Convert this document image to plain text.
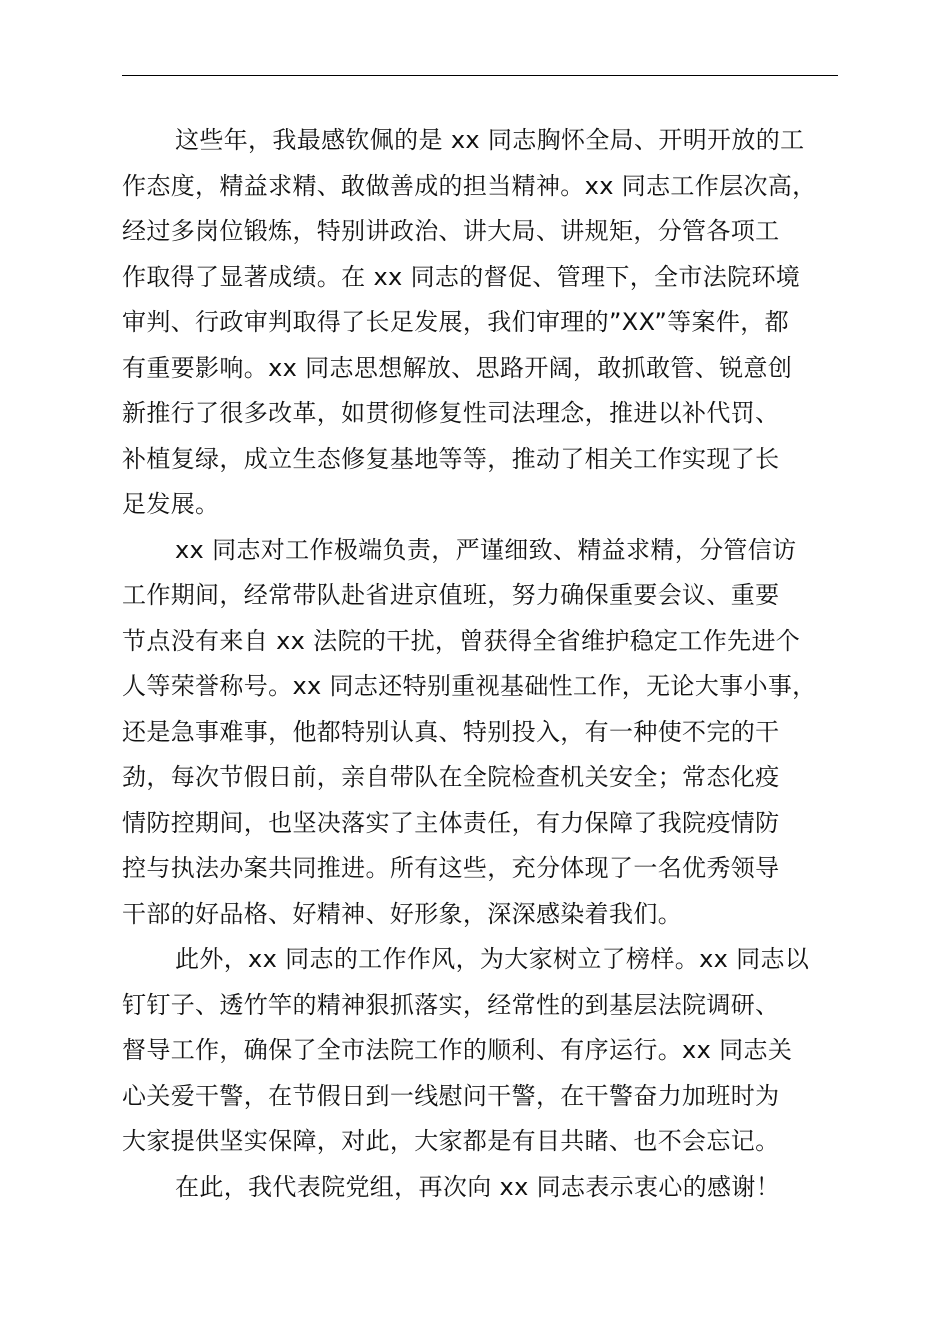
这些年，我最感钦佩的是 xx 同志胸怀全局、开明开放的工
作态度，精益求精、敢做善成的担当精神。xx 同志工作层次高，
经过多岗位锻炼，特别讲政治、讲大局、讲规矩，分管各项工
作取得了显著成绩。在 xx 同志的督促、管理下，全市法院环境
审判、行政审判取得了长足发展，我们审理的”XX”等案件，都
有重要影响。xx 同志思想解放、思路开阔，敢抓敢管、锐意创
新推行了很多改革，如贯彻修复性司法理念，推进以补代罚、
补植复绿，成立生态修复基地等等，推动了相关工作实现了长
足发展。
xx 同志对工作极端负责，严谨细致、精益求精，分管信访
工作期间，经常带队赴省进京值班，努力确保重要会议、重要
节点没有来自 xx 法院的干扰，曾获得全省维护稳定工作先进个
人等荣誉称号。xx 同志还特别重视基础性工作，无论大事小事，
还是急事难事，他都特别认真、特别投入，有一种使不完的干
劲，每次节假日前，亲自带队在全院检查机关安全；常态化疫
情防控期间，也坚决落实了主体责任，有力保障了我院疫情防
控与执法办案共同推进。所有这些，充分体现了一名优秀领导
干部的好品格、好精神、好形象，深深感染着我们。
此外，xx 同志的工作作风，为大家树立了榜样。xx 同志以
钉钉子、透竹竿的精神狠抓落实，经常性的到基层法院调研、
督导工作，确保了全市法院工作的顺利、有序运行。xx 同志关
心关爱干警，在节假日到一线慰问干警，在干警奋力加班时为
大家提供坚实保障，对此，大家都是有目共睹、也不会忘记。
在此，我代表院党组，再次向 xx 同志表示衷心的感谢！
